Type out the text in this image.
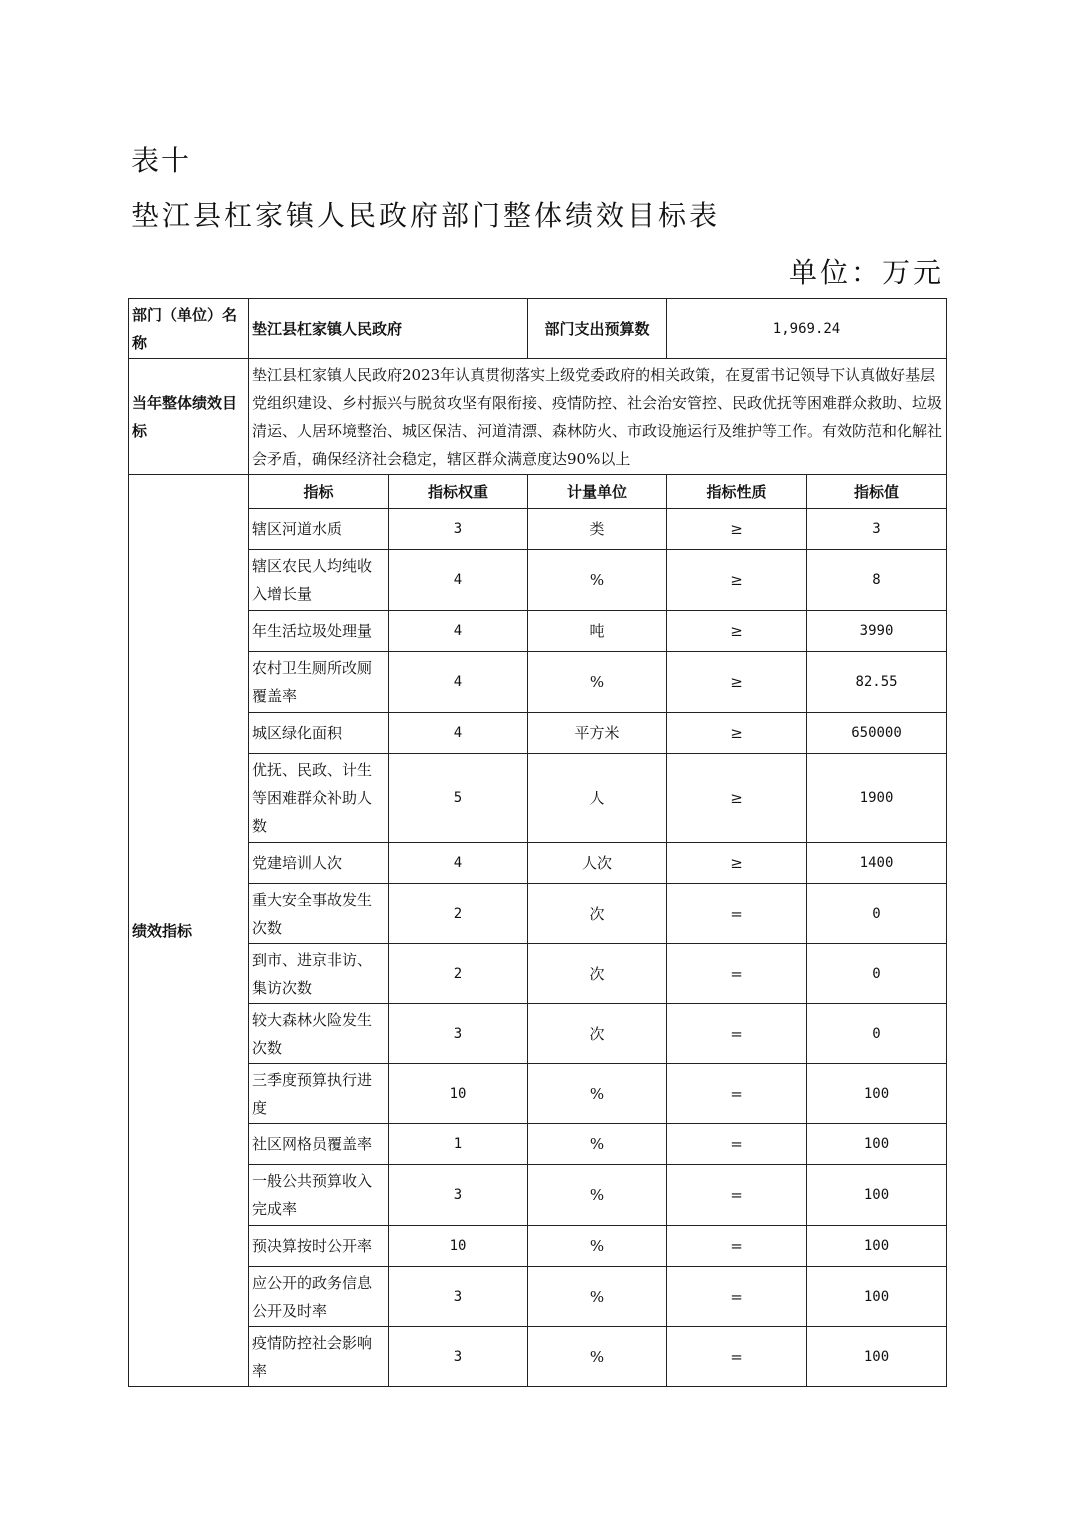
表十
垫江县杠家镇人民政府部门整体绩效目标表
单位：万元
部门（单位）名称	垫江县杠家镇人民政府		部门支出预算数	1,969.24	
当年整体绩效目标	垫江县杠家镇人民政府2023年认真贯彻落实上级党委政府的相关政策，在夏雷书记领导下认真做好基层党组织建设、乡村振兴与脱贫攻坚有限衔接、疫情防控、社会治安管控、民政优抚等困难群众救助、垃圾清运、人居环境整治、城区保洁、河道清漂、森林防火、市政设施运行及维护等工作。有效防范和化解社会矛盾，确保经济社会稳定，辖区群众满意度达90%以上				
绩效指标	指标	指标权重	计量单位	指标性质	指标值
	辖区河道水质	3	类	≥	3
	辖区农民人均纯收入增长量	4	%	≥	8
	年生活垃圾处理量	4	吨	≥	3990
	农村卫生厕所改厕覆盖率	4	%	≥	82.55
	城区绿化面积	4	平方米	≥	650000
	优抚、民政、计生等困难群众补助人数	5	人	≥	1900
	党建培训人次	4	人次	≥	1400
	重大安全事故发生次数	2	次	=	0
	到市、进京非访、集访次数	2	次	=	0
	较大森林火险发生次数	3	次	=	0
	三季度预算执行进度	10	%	=	100
	社区网格员覆盖率	1	%	=	100
	一般公共预算收入完成率	3	%	=	100
	预决算按时公开率	10	%	=	100
	应公开的政务信息公开及时率	3	%	=	100
	疫情防控社会影响率	3	%	=	100
